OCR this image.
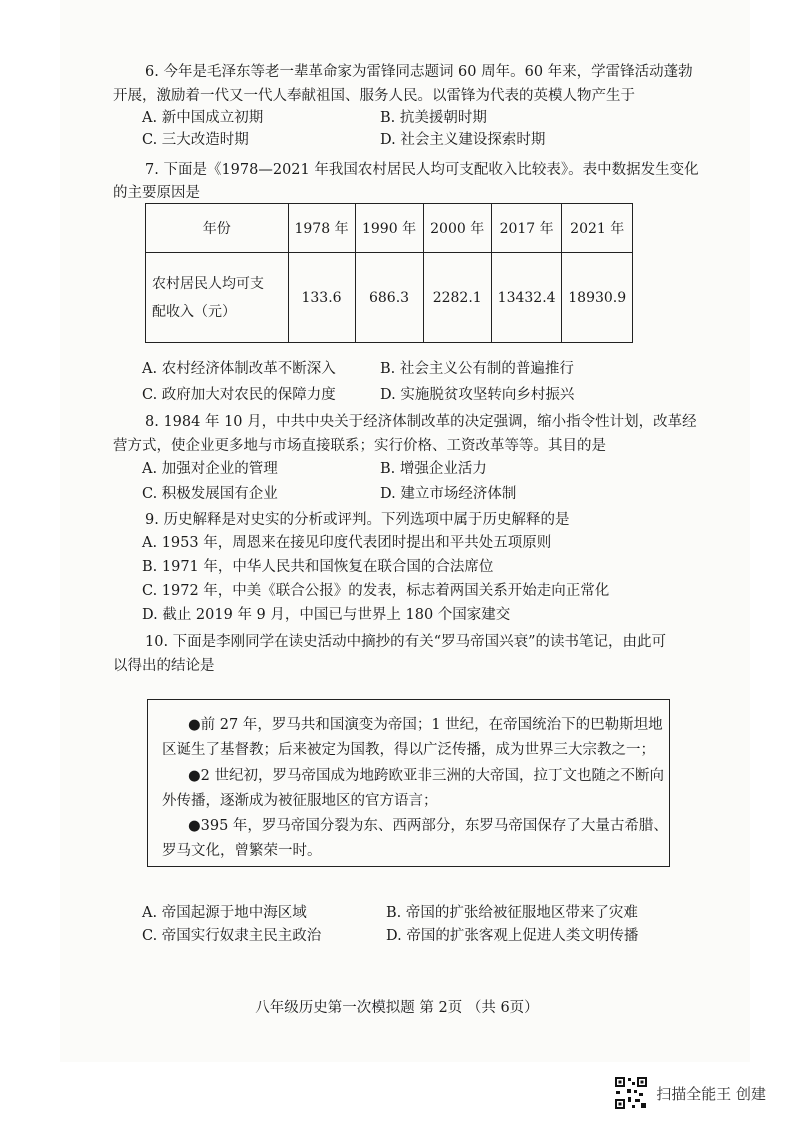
6. 今年是毛泽东等老一辈革命家为雷锋同志题词 60 周年。60 年来，学雷锋活动蓬勃
开展，激励着一代又一代人奉献祖国、服务人民。以雷锋为代表的英模人物产生于
A. 新中国成立初期	B. 抗美援朝时期
C. 三大改造时期	D. 社会主义建设探索时期
7. 下面是《1978—2021 年我国农村居民人均可支配收入比较表》。表中数据发生变化
的主要原因是
年份	1978 年	1990 年	2000 年	2017 年	2021 年

农村居民人均可支
配收入（元）	133.6	686.3	2282.1	13432.4	18930.9
A. 农村经济体制改革不断深入	B. 社会主义公有制的普遍推行
C. 政府加大对农民的保障力度	D. 实施脱贫攻坚转向乡村振兴
8. 1984 年 10 月，中共中央关于经济体制改革的决定强调，缩小指令性计划，改革经
营方式，使企业更多地与市场直接联系；实行价格、工资改革等等。其目的是
A. 加强对企业的管理	B. 增强企业活力
C. 积极发展国有企业	D. 建立市场经济体制
9. 历史解释是对史实的分析或评判。下列选项中属于历史解释的是
A. 1953 年，周恩来在接见印度代表团时提出和平共处五项原则
B. 1971 年，中华人民共和国恢复在联合国的合法席位
C. 1972 年，中美《联合公报》的发表，标志着两国关系开始走向正常化
D. 截止 2019 年 9 月，中国已与世界上 180 个国家建交
10. 下面是李刚同学在读史活动中摘抄的有关“罗马帝国兴衰”的读书笔记，由此可
以得出的结论是
●前 27 年，罗马共和国演变为帝国；1 世纪，在帝国统治下的巴勒斯坦地
区诞生了基督教；后来被定为国教，得以广泛传播，成为世界三大宗教之一；
●2 世纪初，罗马帝国成为地跨欧亚非三洲的大帝国，拉丁文也随之不断向
外传播，逐渐成为被征服地区的官方语言；
●395 年，罗马帝国分裂为东、西两部分，东罗马帝国保存了大量古希腊、
罗马文化，曾繁荣一时。
A. 帝国起源于地中海区域	B. 帝国的扩张给被征服地区带来了灾难
C. 帝国实行奴隶主民主政治	D. 帝国的扩张客观上促进人类文明传播
八年级历史第一次模拟题 第 2页 （共 6页）
扫描全能王 创建
